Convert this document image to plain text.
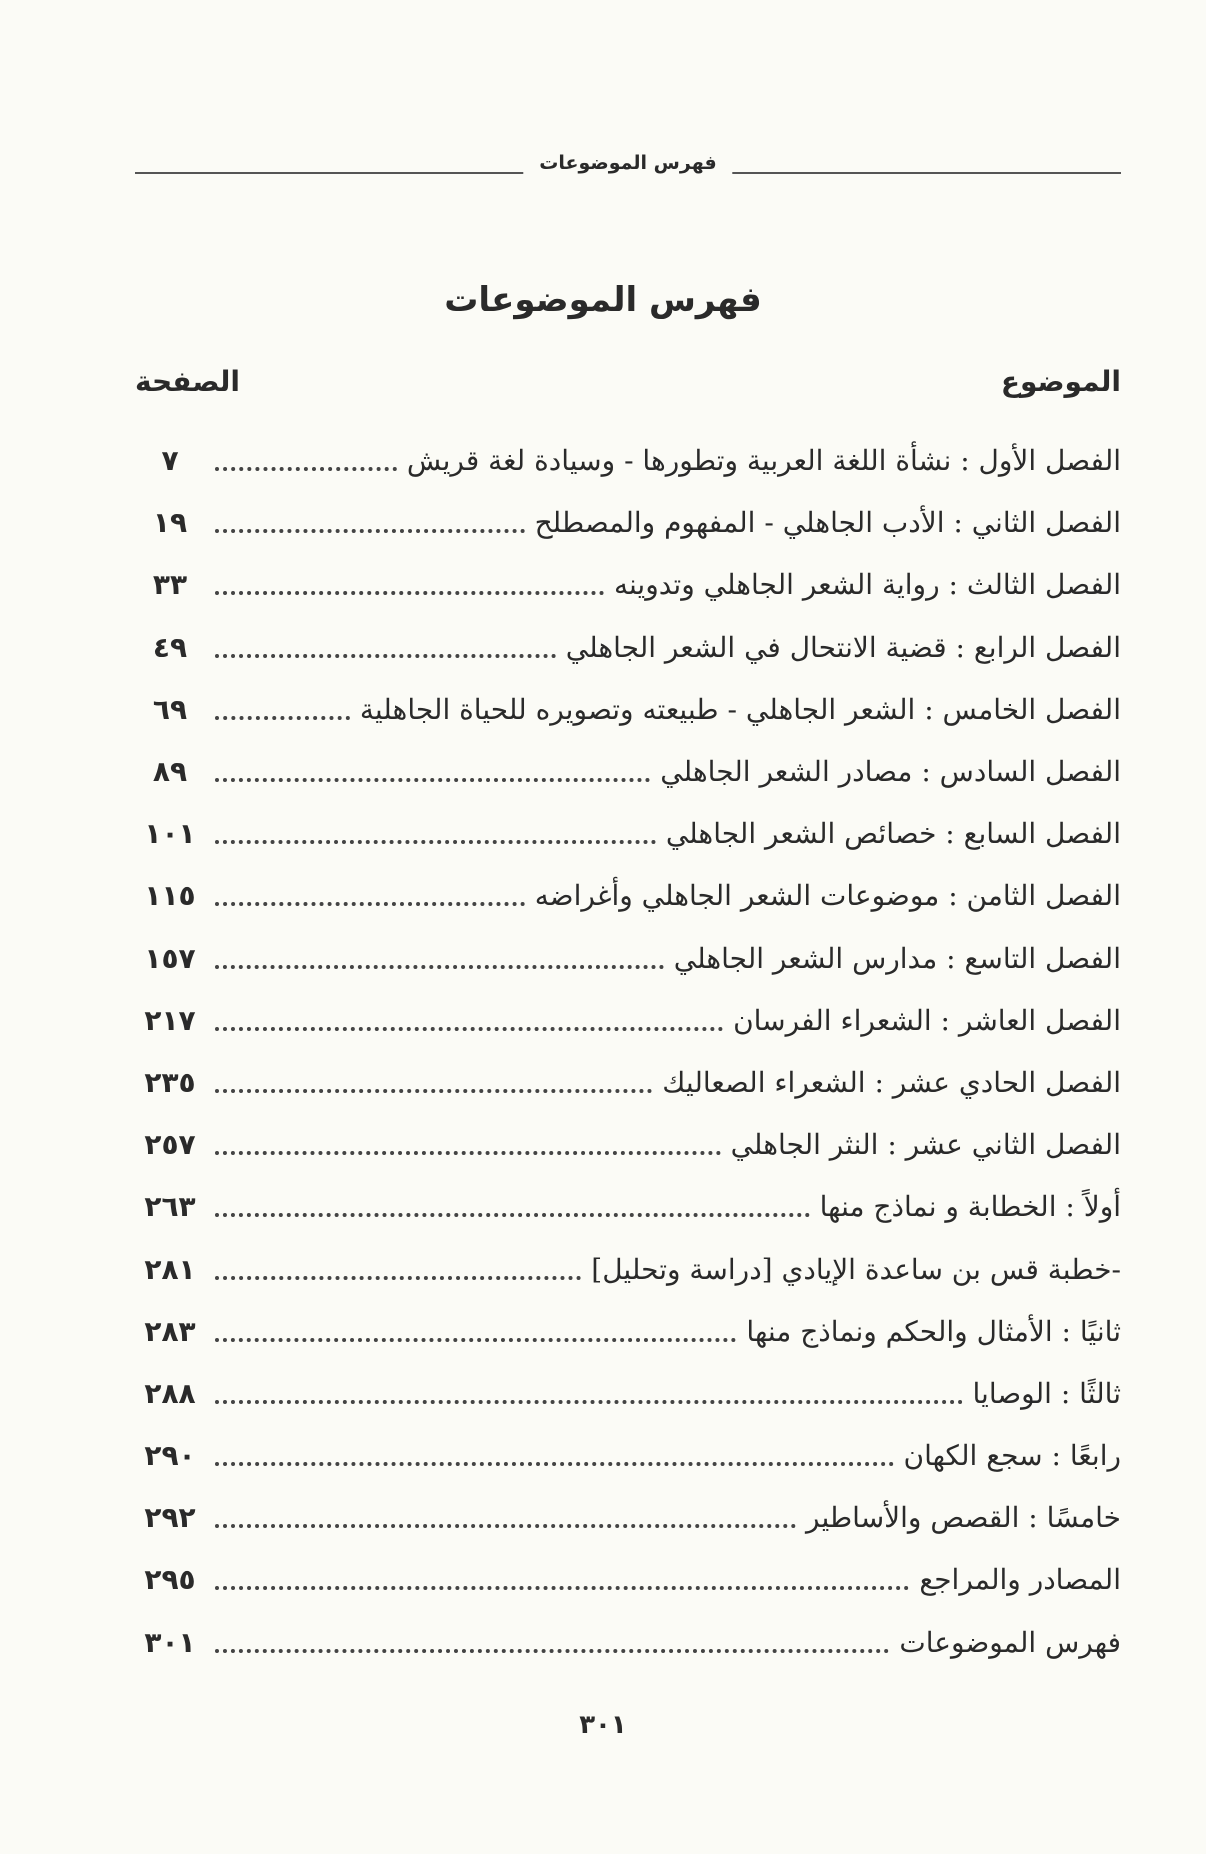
فهرس الموضوعات
فهرس الموضوعات
الموضوع
الصفحة
الفصل الأول : نشأة اللغة العربية وتطورها - وسيادة لغة قريش
٧
الفصل الثاني : الأدب الجاهلي - المفهوم والمصطلح
١٩
الفصل الثالث : رواية الشعر الجاهلي وتدوينه
٣٣
الفصل الرابع : قضية الانتحال في الشعر الجاهلي
٤٩
الفصل الخامس : الشعر الجاهلي - طبيعته وتصويره للحياة الجاهلية
٦٩
الفصل السادس : مصادر الشعر الجاهلي
٨٩
الفصل السابع : خصائص الشعر الجاهلي
١٠١
الفصل الثامن : موضوعات الشعر الجاهلي وأغراضه
١١٥
الفصل التاسع : مدارس الشعر الجاهلي
١٥٧
الفصل العاشر : الشعراء الفرسان
٢١٧
الفصل الحادي عشر : الشعراء الصعاليك
٢٣٥
الفصل الثاني عشر : النثر الجاهلي
٢٥٧
أولاً : الخطابة و نماذج منها
٢٦٣
-خطبة قس بن ساعدة الإيادي [دراسة وتحليل]
٢٨١
ثانيًا : الأمثال والحكم ونماذج منها
٢٨٣
ثالثًا : الوصايا
٢٨٨
رابعًا : سجع الكهان
٢٩٠
خامسًا : القصص والأساطير
٢٩٢
المصادر والمراجع
٢٩٥
فهرس الموضوعات
٣٠١
٣٠١
